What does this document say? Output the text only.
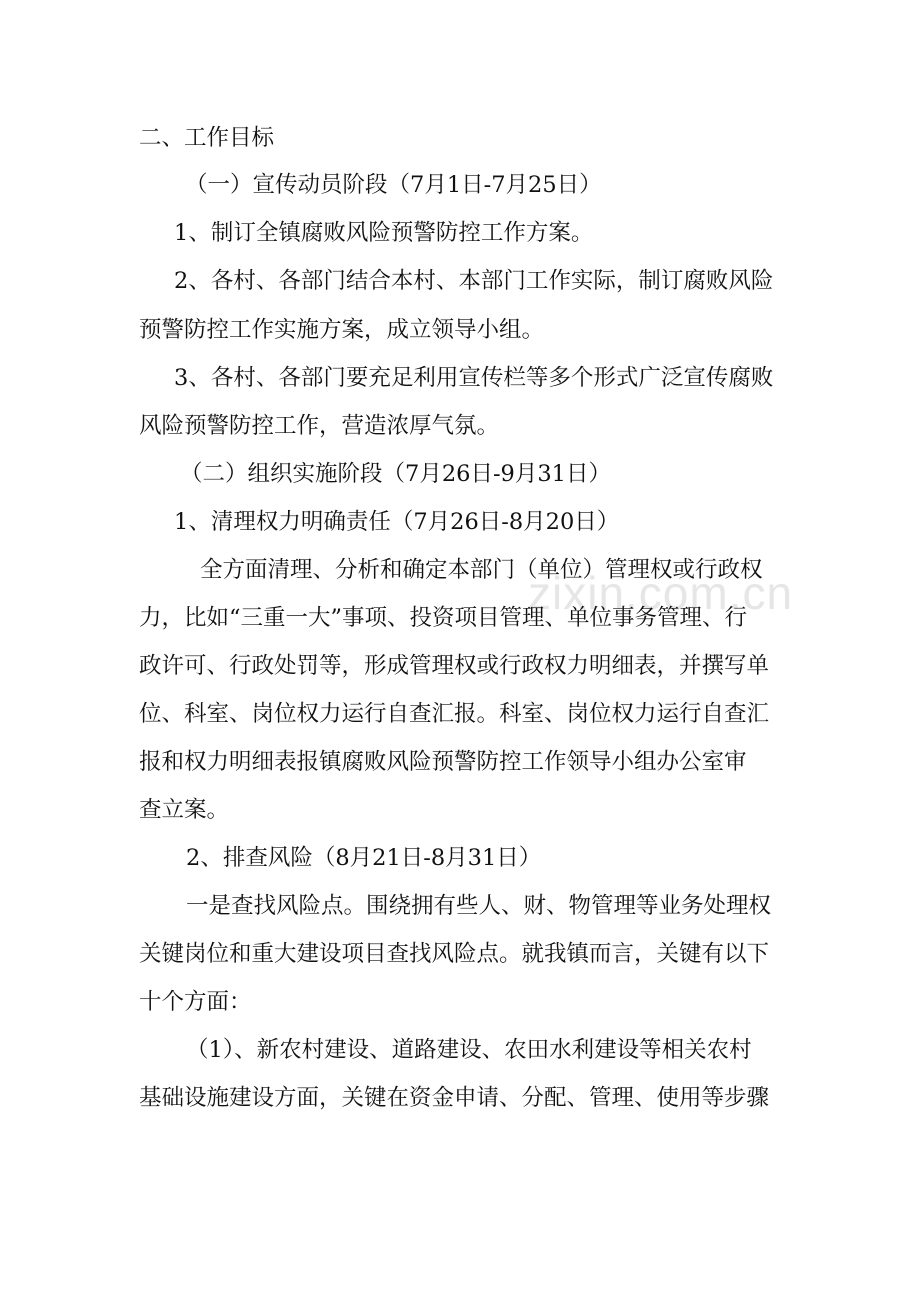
zixin.com.cn
二、工作目标
（一）宣传动员阶段（7月1日-7月25日）
1、制订全镇腐败风险预警防控工作方案。
2、各村、各部门结合本村、本部门工作实际，制订腐败风险
预警防控工作实施方案，成立领导小组。
3、各村、各部门要充足利用宣传栏等多个形式广泛宣传腐败
风险预警防控工作，营造浓厚气氛。
（二）组织实施阶段（7月26日-9月31日）
1、清理权力明确责任（7月26日-8月20日）
全方面清理、分析和确定本部门（单位）管理权或行政权
力，比如“三重一大”事项、投资项目管理、单位事务管理、行
政许可、行政处罚等，形成管理权或行政权力明细表，并撰写单
位、科室、岗位权力运行自查汇报。科室、岗位权力运行自查汇
报和权力明细表报镇腐败风险预警防控工作领导小组办公室审
查立案。
2、排查风险（8月21日-8月31日）
一是查找风险点。围绕拥有些人、财、物管理等业务处理权
关键岗位和重大建设项目查找风险点。就我镇而言，关键有以下
十个方面：
（1）、新农村建设、道路建设、农田水利建设等相关农村
基础设施建设方面，关键在资金申请、分配、管理、使用等步骤
